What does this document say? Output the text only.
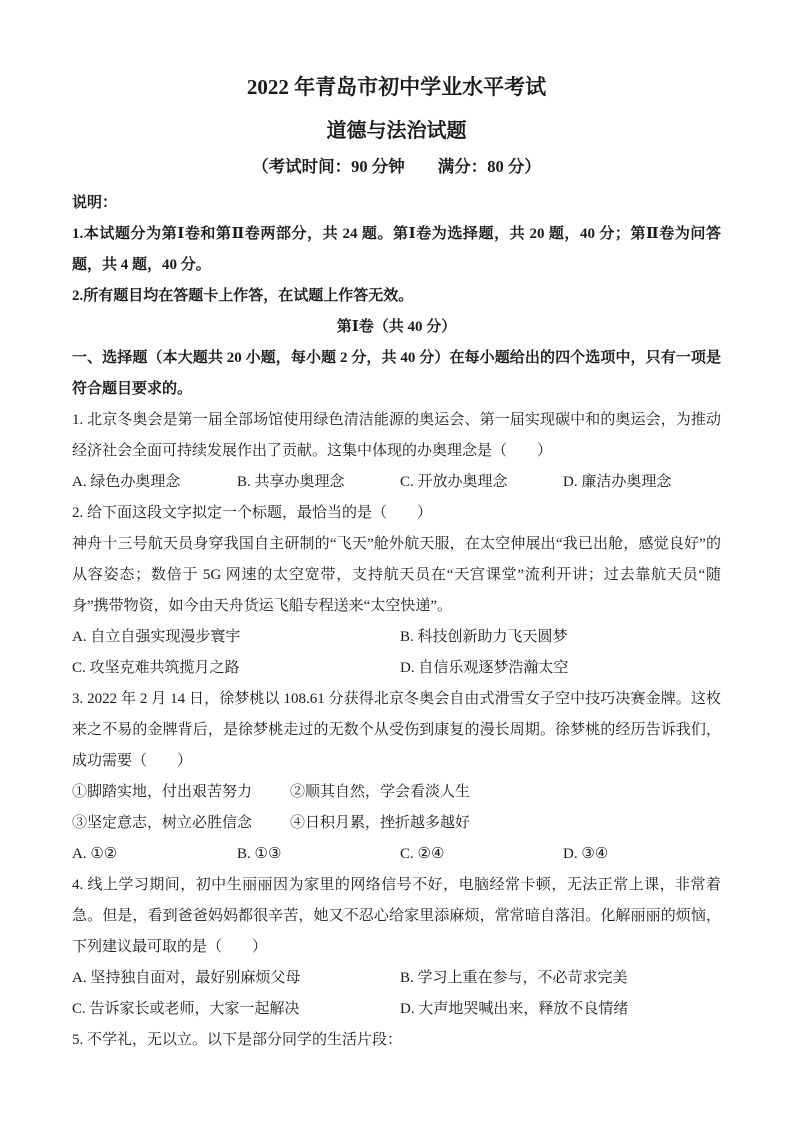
2022 年青岛市初中学业水平考试
道德与法治试题
（考试时间：90 分钟　　满分：80 分）

说明：

1.本试题分为第Ⅰ卷和第Ⅱ卷两部分，共 24 题。第Ⅰ卷为选择题，共 20 题，40 分；第Ⅱ卷为问答题，共 4 题，40 分。

2.所有题目均在答题卡上作答，在试题上作答无效。

第Ⅰ卷（共 40 分）

一、选择题（本大题共 20 小题，每小题 2 分，共 40 分）在每小题给出的四个选项中，只有一项是符合题目要求的。

1. 北京冬奥会是第一届全部场馆使用绿色清洁能源的奥运会、第一届实现碳中和的奥运会，为推动经济社会全面可持续发展作出了贡献。这集中体现的办奥理念是（　　）

A. 绿色办奥理念	B. 共享办奥理念	C. 开放办奥理念	D. 廉洁办奥理念

2. 给下面这段文字拟定一个标题，最恰当的是（　　）

神舟十三号航天员身穿我国自主研制的“飞天”舱外航天服，在太空伸展出“我已出舱，感觉良好”的从容姿态；数倍于 5G 网速的太空宽带，支持航天员在“天宫课堂”流利开讲；过去靠航天员“随身”携带物资，如今由天舟货运飞船专程送来“太空快递”。

A. 自立自强实现漫步寰宇	B. 科技创新助力飞天圆梦
C. 攻坚克难共筑揽月之路	D. 自信乐观逐梦浩瀚太空

3. 2022 年 2 月 14 日，徐梦桃以 108.61 分获得北京冬奥会自由式滑雪女子空中技巧决赛金牌。这枚来之不易的金牌背后，是徐梦桃走过的无数个从受伤到康复的漫长周期。徐梦桃的经历告诉我们，成功需要（　　）

①脚踏实地，付出艰苦努力	②顺其自然，学会看淡人生
③坚定意志，树立必胜信念	④日积月累，挫折越多越好
A. ①②	B. ①③	C. ②④	D. ③④

4. 线上学习期间，初中生丽丽因为家里的网络信号不好，电脑经常卡顿，无法正常上课，非常着急。但是，看到爸爸妈妈都很辛苦，她又不忍心给家里添麻烦，常常暗自落泪。化解丽丽的烦恼，下列建议最可取的是（　　）

A. 坚持独自面对，最好别麻烦父母	B. 学习上重在参与，不必苛求完美
C. 告诉家长或老师，大家一起解决	D. 大声地哭喊出来，释放不良情绪

5. 不学礼，无以立。以下是部分同学的生活片段：
